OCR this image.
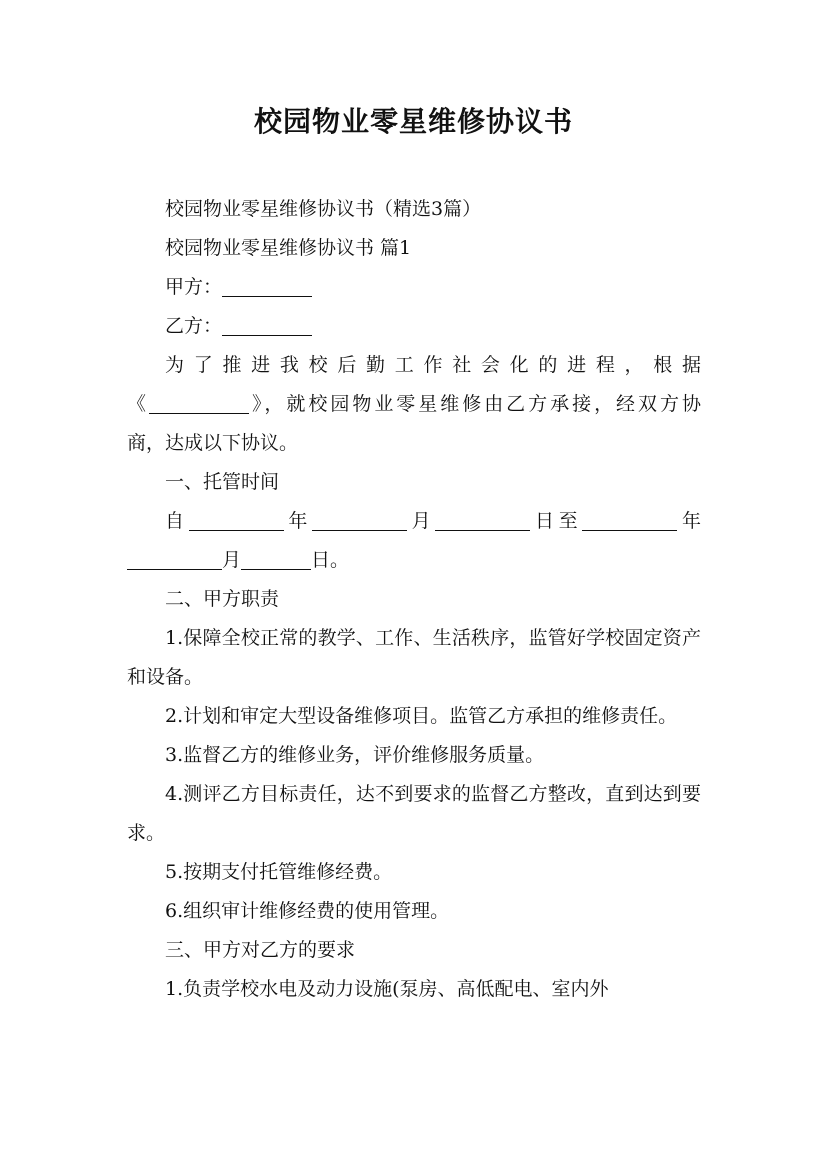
校园物业零星维修协议书

校园物业零星维修协议书（精选3篇）

校园物业零星维修协议书 篇1

甲方：

乙方：

为了推进我校后勤工作社会化的进程，根据

《	》，就校园物业零星维修由乙方承接，经双方协

商，达成以下协议。

一、托管时间

自	年	月	日至	年

月	日。

二、甲方职责

1.保障全校正常的教学、工作、生活秩序，监管好学校固定资产和设备。

2.计划和审定大型设备维修项目。监管乙方承担的维修责任。

3.监督乙方的维修业务，评价维修服务质量。

4.测评乙方目标责任，达不到要求的监督乙方整改，直到达到要求。

5.按期支付托管维修经费。

6.组织审计维修经费的使用管理。

三、甲方对乙方的要求

1.负责学校水电及动力设施(泵房、高低配电、室内外
